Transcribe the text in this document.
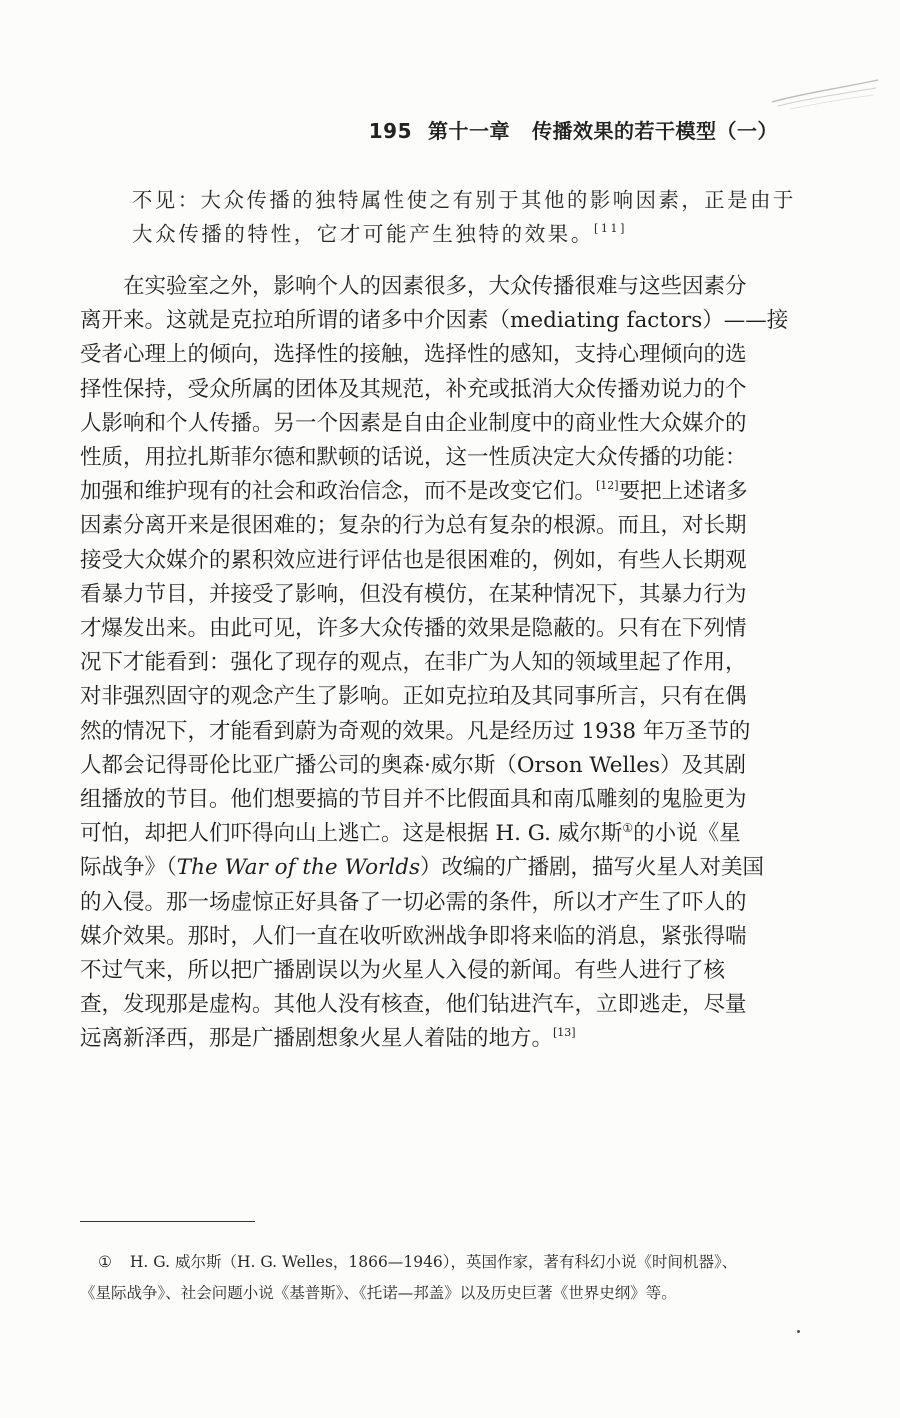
195 第十一章 传播效果的若干模型（一）
不见：大众传播的独特属性使之有别于其他的影响因素，正是由于
大众传播的特性，它才可能产生独特的效果。[11]

在实验室之外，影响个人的因素很多，大众传播很难与这些因素分
离开来。这就是克拉珀所谓的诸多中介因素（mediating factors）——接
受者心理上的倾向，选择性的接触，选择性的感知，支持心理倾向的选
择性保持，受众所属的团体及其规范，补充或抵消大众传播劝说力的个
人影响和个人传播。另一个因素是自由企业制度中的商业性大众媒介的
性质，用拉扎斯菲尔德和默顿的话说，这一性质决定大众传播的功能：
加强和维护现有的社会和政治信念，而不是改变它们。[12]要把上述诸多
因素分离开来是很困难的；复杂的行为总有复杂的根源。而且，对长期
接受大众媒介的累积效应进行评估也是很困难的，例如，有些人长期观
看暴力节目，并接受了影响，但没有模仿，在某种情况下，其暴力行为
才爆发出来。由此可见，许多大众传播的效果是隐蔽的。只有在下列情
况下才能看到：强化了现存的观点，在非广为人知的领域里起了作用，
对非强烈固守的观念产生了影响。正如克拉珀及其同事所言，只有在偶
然的情况下，才能看到蔚为奇观的效果。凡是经历过 1938 年万圣节的
人都会记得哥伦比亚广播公司的奥森·威尔斯（Orson Welles）及其剧
组播放的节目。他们想要搞的节目并不比假面具和南瓜雕刻的鬼脸更为
可怕，却把人们吓得向山上逃亡。这是根据 H. G. 威尔斯①的小说《星
际战争》（The War of the Worlds）改编的广播剧，描写火星人对美国
的入侵。那一场虚惊正好具备了一切必需的条件，所以才产生了吓人的
媒介效果。那时，人们一直在收听欧洲战争即将来临的消息，紧张得喘
不过气来，所以把广播剧误以为火星人入侵的新闻。有些人进行了核
查，发现那是虚构。其他人没有核查，他们钻进汽车，立即逃走，尽量
远离新泽西，那是广播剧想象火星人着陆的地方。[13]

① H. G. 威尔斯（H. G. Welles，1866—1946），英国作家，著有科幻小说《时间机器》、
《星际战争》、社会问题小说《基普斯》、《托诺—邦盖》以及历史巨著《世界史纲》等。
